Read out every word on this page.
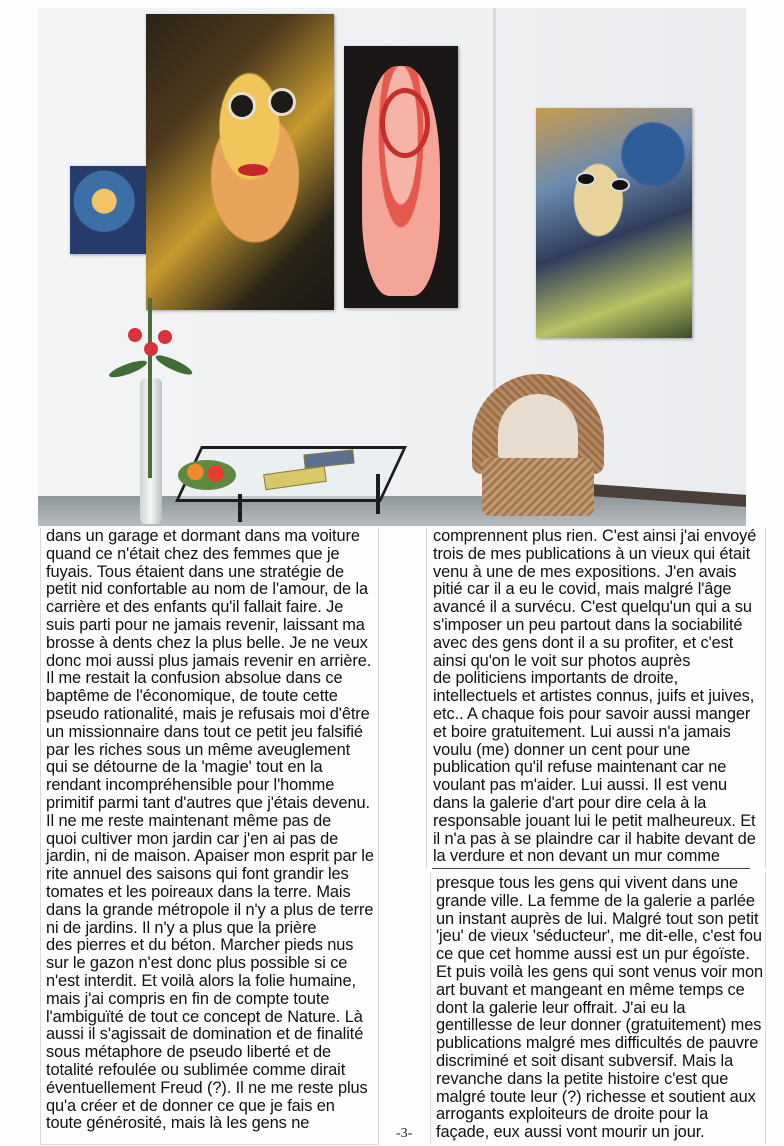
dans un garage et dormant dans ma voiture
quand ce n'était chez des femmes que je
fuyais. Tous étaient dans une stratégie de
petit nid confortable au nom de l'amour, de la
carrière et des enfants qu'il fallait faire. Je
suis parti pour ne jamais revenir, laissant ma
brosse à dents chez la plus belle. Je ne veux
donc moi aussi plus jamais revenir en arrière.
Il me restait la confusion absolue dans ce
baptême de l'économique, de toute cette
pseudo rationalité, mais je refusais moi d'être
un missionnaire dans tout ce petit jeu falsifié
par les riches sous un même aveuglement
qui se détourne de la 'magie' tout en la
rendant incompréhensible pour l'homme
primitif parmi tant d'autres que j'étais devenu.
Il ne me reste maintenant même pas de
quoi cultiver mon jardin car j'en ai pas de
jardin, ni de maison. Apaiser mon esprit par le
rite annuel des saisons qui font grandir les
tomates et les poireaux dans la terre. Mais
dans la grande métropole il n'y a plus de terre
ni de jardins. Il n'y a plus que la prière
des pierres et du béton. Marcher pieds nus
sur le gazon n'est donc plus possible si ce
n'est interdit. Et voilà alors la folie humaine,
mais j'ai compris en fin de compte toute
l'ambiguïté de tout ce concept de Nature. Là
aussi il s'agissait de domination et de finalité
sous métaphore de pseudo liberté et de
totalité refoulée ou sublimée comme dirait
éventuellement Freud (?). Il ne me reste plus
qu'a créer et de donner ce que je fais en
toute générosité, mais là les gens ne
comprennent plus rien. C'est ainsi j'ai envoyé
trois de mes publications à un vieux qui était
venu à une de mes expositions. J'en avais
pitié car il a eu le covid, mais malgré l'âge
avancé il a survécu. C'est quelqu'un qui a su
s'imposer un peu partout dans la sociabilité
avec des gens dont il a su profiter, et c'est
ainsi qu'on le voit sur photos auprès
de politiciens importants de droite,
intellectuels et artistes connus, juifs et juives,
etc.. A chaque fois pour savoir aussi manger
et boire gratuitement. Lui aussi n'a jamais
voulu (me) donner un cent pour une
publication qu'il refuse maintenant car ne
voulant pas m'aider. Lui aussi. Il est venu
dans la galerie d'art pour dire cela à la
responsable jouant lui le petit malheureux. Et
il n'a pas à se plaindre car il habite devant de
la verdure et non devant un mur comme
presque tous les gens qui vivent dans une
grande ville. La femme de la galerie a parlée
un instant auprès de lui. Malgré tout son petit
'jeu' de vieux 'séducteur', me dit-elle, c'est fou
ce que cet homme aussi est un pur égoïste.
Et puis voilà les gens qui sont venus voir mon
art buvant et mangeant en même temps ce
dont la galerie leur offrait. J'ai eu la
gentillesse de leur donner (gratuitement) mes
publications malgré mes difficultés de pauvre
discriminé et soit disant subversif. Mais la
revanche dans la petite histoire c'est que
malgré toute leur (?) richesse et soutient aux
arrogants exploiteurs de droite pour la
façade, eux aussi vont mourir un jour.
-3-
